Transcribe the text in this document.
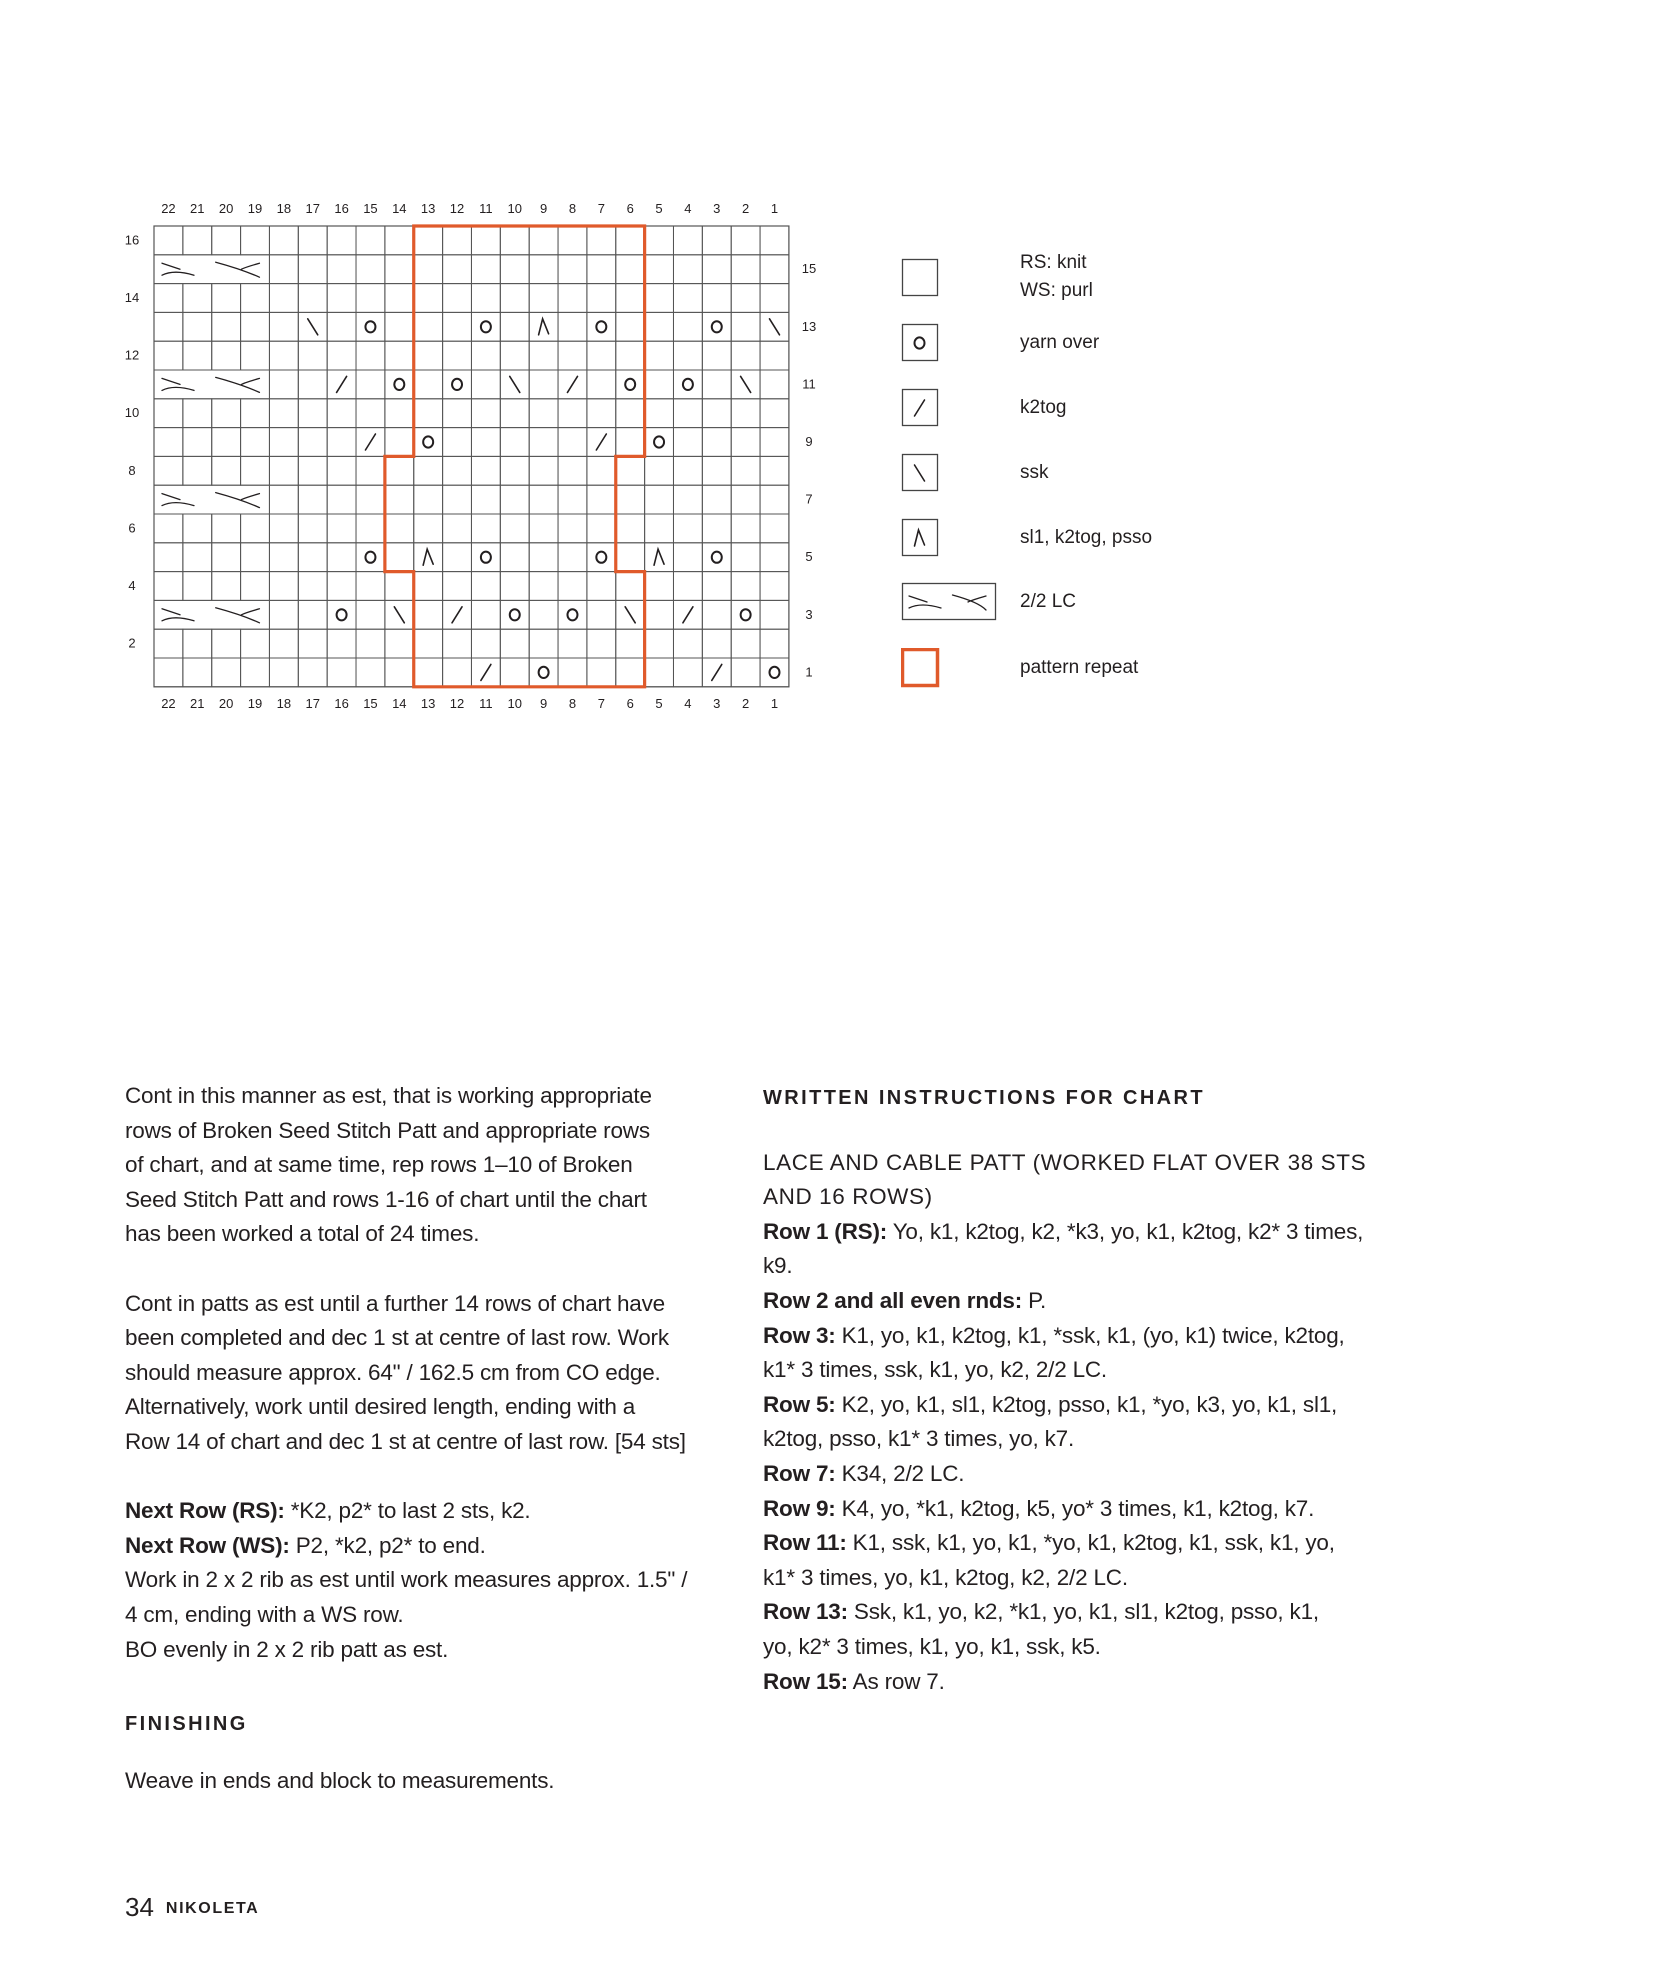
22
22
21
21
20
20
19
19
18
18
17
17
16
16
15
15
14
14
13
13
12
12
11
11
10
10
9
9
8
8
7
7
6
6
5
5
4
4
3
3
2
2
1
1
16
14
12
10
8
6
4
2
15
13
11
9
7
5
3
1
RS: knit
WS: purl
yarn over
k2tog
ssk
sl1, k2tog, psso
2/2 LC
pattern repeat
Cont in this manner as est, that is working appropriate
rows of Broken Seed Stitch Patt and appropriate rows
of chart, and at same time, rep rows 1–10 of Broken
Seed Stitch Patt and rows 1-16 of chart until the chart
has been worked a total of 24 times.
Cont in patts as est until a further 14 rows of chart have
been completed and dec 1 st at centre of last row. Work
should measure approx. 64" / 162.5 cm from CO edge.
Alternatively, work until desired length, ending with a
Row 14 of chart and dec 1 st at centre of last row. [54 sts]
Next Row (RS): *K2, p2* to last 2 sts, k2.
Next Row (WS): P2, *k2, p2* to end.
Work in 2 x 2 rib as est until work measures approx. 1.5" /
4 cm, ending with a WS row.
BO evenly in 2 x 2 rib patt as est.
FINISHING
Weave in ends and block to measurements.
WRITTEN INSTRUCTIONS FOR CHART
LACE AND CABLE PATT (WORKED FLAT OVER 38 STS
AND 16 ROWS)
Row 1 (RS): Yo, k1, k2tog, k2, *k3, yo, k1, k2tog, k2* 3 times,
k9.
Row 2 and all even rnds: P.
Row 3: K1, yo, k1, k2tog, k1, *ssk, k1, (yo, k1) twice, k2tog,
k1* 3 times, ssk, k1, yo, k2, 2/2 LC.
Row 5: K2, yo, k1, sl1, k2tog, psso, k1, *yo, k3, yo, k1, sl1,
k2tog, psso, k1* 3 times, yo, k7.
Row 7: K34, 2/2 LC.
Row 9: K4, yo, *k1, k2tog, k5, yo* 3 times, k1, k2tog, k7.
Row 11: K1, ssk, k1, yo, k1, *yo, k1, k2tog, k1, ssk, k1, yo,
k1* 3 times, yo, k1, k2tog, k2, 2/2 LC.
Row 13: Ssk, k1, yo, k2, *k1, yo, k1, sl1, k2tog, psso, k1,
yo, k2* 3 times, k1, yo, k1, ssk, k5.
Row 15: As row 7.
34 NIKOLETA
